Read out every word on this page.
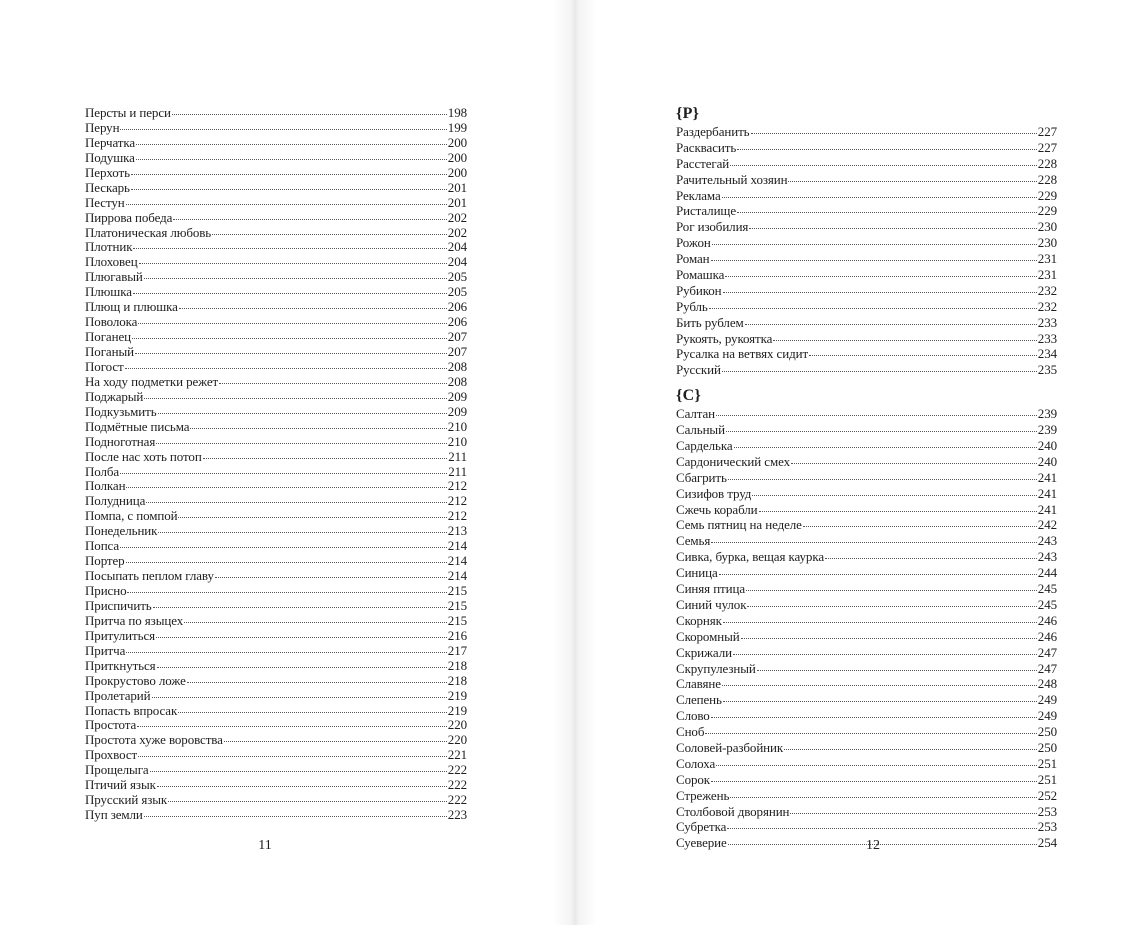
Персты и перси	198
Перун	199
Перчатка	200
Подушка	200
Перхоть	200
Пескарь	201
Пестун	201
Пиррова победа	202
Платоническая любовь	202
Плотник	204
Плоховец	204
Плюгавый	205
Плюшка	205
Плющ и плюшка	206
Поволока	206
Поганец	207
Поганый	207
Погост	208
На ходу подметки режет	208
Поджарый	209
Подкузьмить	209
Подмётные письма	210
Подноготная	210
После нас хоть потоп	211
Полба	211
Полкан	212
Полудница	212
Помпа, с помпой	212
Понедельник	213
Попса	214
Портер	214
Посыпать пеплом главу	214
Присно	215
Приспичить	215
Притча по языцех	215
Притулиться	216
Притча	217
Приткнуться	218
Прокрустово ложе	218
Пролетарий	219
Попасть впросак	219
Простота	220
Простота хуже воровства	220
Прохвост	221
Прощелыга	222
Птичий язык	222
Прусский язык	222
Пуп земли	223
11
{Р}
Раздербанить	227
Расквасить	227
Расстегай	228
Рачительный хозяин	228
Реклама	229
Ристалище	229
Рог изобилия	230
Рожон	230
Роман	231
Ромашка	231
Рубикон	232
Рубль	232
Бить рублем	233
Рукоять, рукоятка	233
Русалка на ветвях сидит	234
Русский	235
{С}
Салтан	239
Сальный	239
Сарделька	240
Сардонический смех	240
Сбагрить	241
Сизифов труд	241
Сжечь корабли	241
Семь пятниц на неделе	242
Семья	243
Сивка, бурка, вещая каурка	243
Синица	244
Синяя птица	245
Синий чулок	245
Скорняк	246
Скоромный	246
Скрижали	247
Скрупулезный	247
Славяне	248
Слепень	249
Слово	249
Сноб	250
Соловей-разбойник	250
Солоха	251
Сорок	251
Стрежень	252
Столбовой дворянин	253
Субретка	253
Суеверие	254
12
